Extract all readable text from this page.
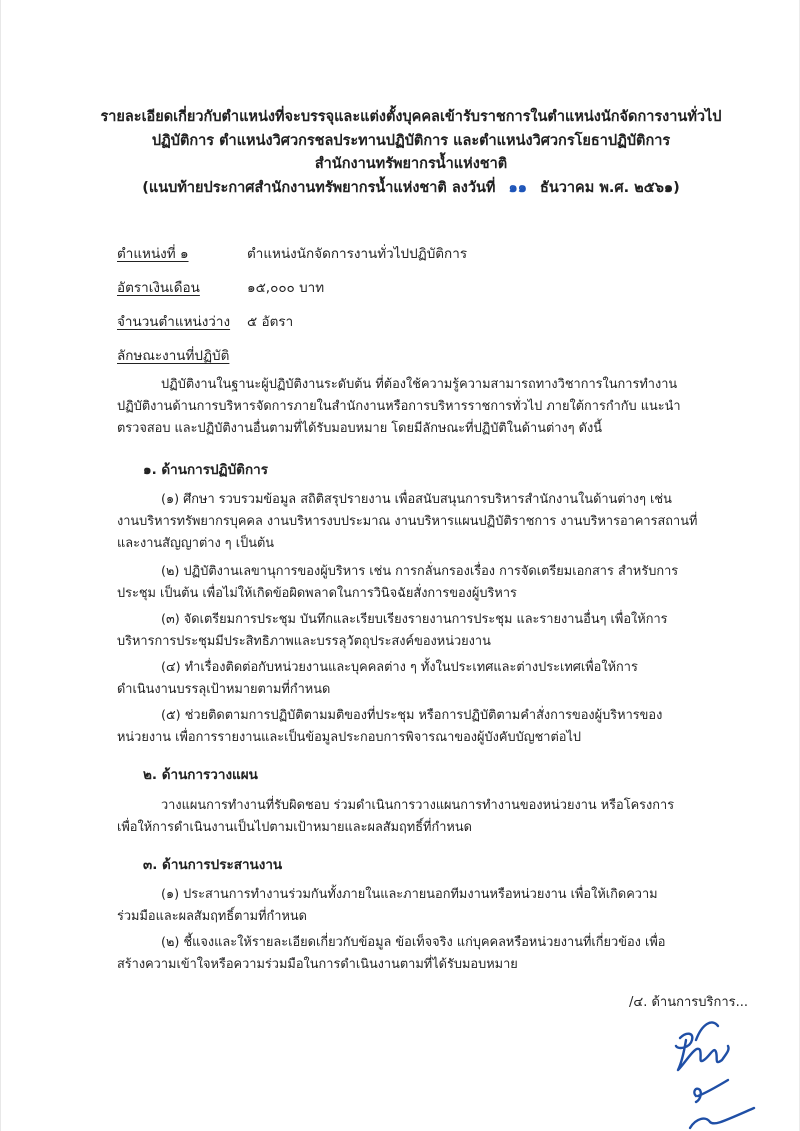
รายละเอียดเกี่ยวกับตำแหน่งที่จะบรรจุและแต่งตั้งบุคคลเข้ารับราชการในตำแหน่งนักจัดการงานทั่วไป
ปฏิบัติการ ตำแหน่งวิศวกรชลประทานปฏิบัติการ และตำแหน่งวิศวกรโยธาปฏิบัติการ
สำนักงานทรัพยากรน้ำแห่งชาติ
(แนบท้ายประกาศสำนักงานทรัพยากรน้ำแห่งชาติ ลงวันที่ ๑๑ ธันวาคม พ.ศ. ๒๕๖๑)
ตำแหน่งที่ ๑	ตำแหน่งนักจัดการงานทั่วไปปฏิบัติการ
อัตราเงินเดือน	๑๕,๐๐๐ บาท
จำนวนตำแหน่งว่าง	๕ อัตรา
ลักษณะงานที่ปฏิบัติ
ปฏิบัติงานในฐานะผู้ปฏิบัติงานระดับต้น ที่ต้องใช้ความรู้ความสามารถทางวิชาการในการทำงาน
ปฏิบัติงานด้านการบริหารจัดการภายในสำนักงานหรือการบริหารราชการทั่วไป ภายใต้การกำกับ แนะนำ
ตรวจสอบ และปฏิบัติงานอื่นตามที่ได้รับมอบหมาย โดยมีลักษณะที่ปฏิบัติในด้านต่างๆ ดังนี้
๑. ด้านการปฏิบัติการ
(๑) ศึกษา รวบรวมข้อมูล สถิติสรุปรายงาน เพื่อสนับสนุนการบริหารสำนักงานในด้านต่างๆ เช่น
งานบริหารทรัพยากรบุคคล งานบริหารงบประมาณ งานบริหารแผนปฏิบัติราชการ งานบริหารอาคารสถานที่
และงานสัญญาต่าง ๆ เป็นต้น
(๒) ปฏิบัติงานเลขานุการของผู้บริหาร เช่น การกลั่นกรองเรื่อง การจัดเตรียมเอกสาร สำหรับการ
ประชุม เป็นต้น เพื่อไม่ให้เกิดข้อผิดพลาดในการวินิจฉัยสั่งการของผู้บริหาร
(๓) จัดเตรียมการประชุม บันทึกและเรียบเรียงรายงานการประชุม และรายงานอื่นๆ เพื่อให้การ
บริหารการประชุมมีประสิทธิภาพและบรรลุวัตถุประสงค์ของหน่วยงาน
(๔) ทำเรื่องติดต่อกับหน่วยงานและบุคคลต่าง ๆ ทั้งในประเทศและต่างประเทศเพื่อให้การ
ดำเนินงานบรรลุเป้าหมายตามที่กำหนด
(๕) ช่วยติดตามการปฏิบัติตามมติของที่ประชุม หรือการปฏิบัติตามคำสั่งการของผู้บริหารของ
หน่วยงาน เพื่อการรายงานและเป็นข้อมูลประกอบการพิจารณาของผู้บังคับบัญชาต่อไป
๒. ด้านการวางแผน
วางแผนการทำงานที่รับผิดชอบ ร่วมดำเนินการวางแผนการทำงานของหน่วยงาน หรือโครงการ
เพื่อให้การดำเนินงานเป็นไปตามเป้าหมายและผลสัมฤทธิ์ที่กำหนด
๓. ด้านการประสานงาน
(๑) ประสานการทำงานร่วมกันทั้งภายในและภายนอกทีมงานหรือหน่วยงาน เพื่อให้เกิดความ
ร่วมมือและผลสัมฤทธิ์ตามที่กำหนด
(๒) ชี้แจงและให้รายละเอียดเกี่ยวกับข้อมูล ข้อเท็จจริง แก่บุคคลหรือหน่วยงานที่เกี่ยวข้อง เพื่อ
สร้างความเข้าใจหรือความร่วมมือในการดำเนินงานตามที่ได้รับมอบหมาย
/๔. ด้านการบริการ...
